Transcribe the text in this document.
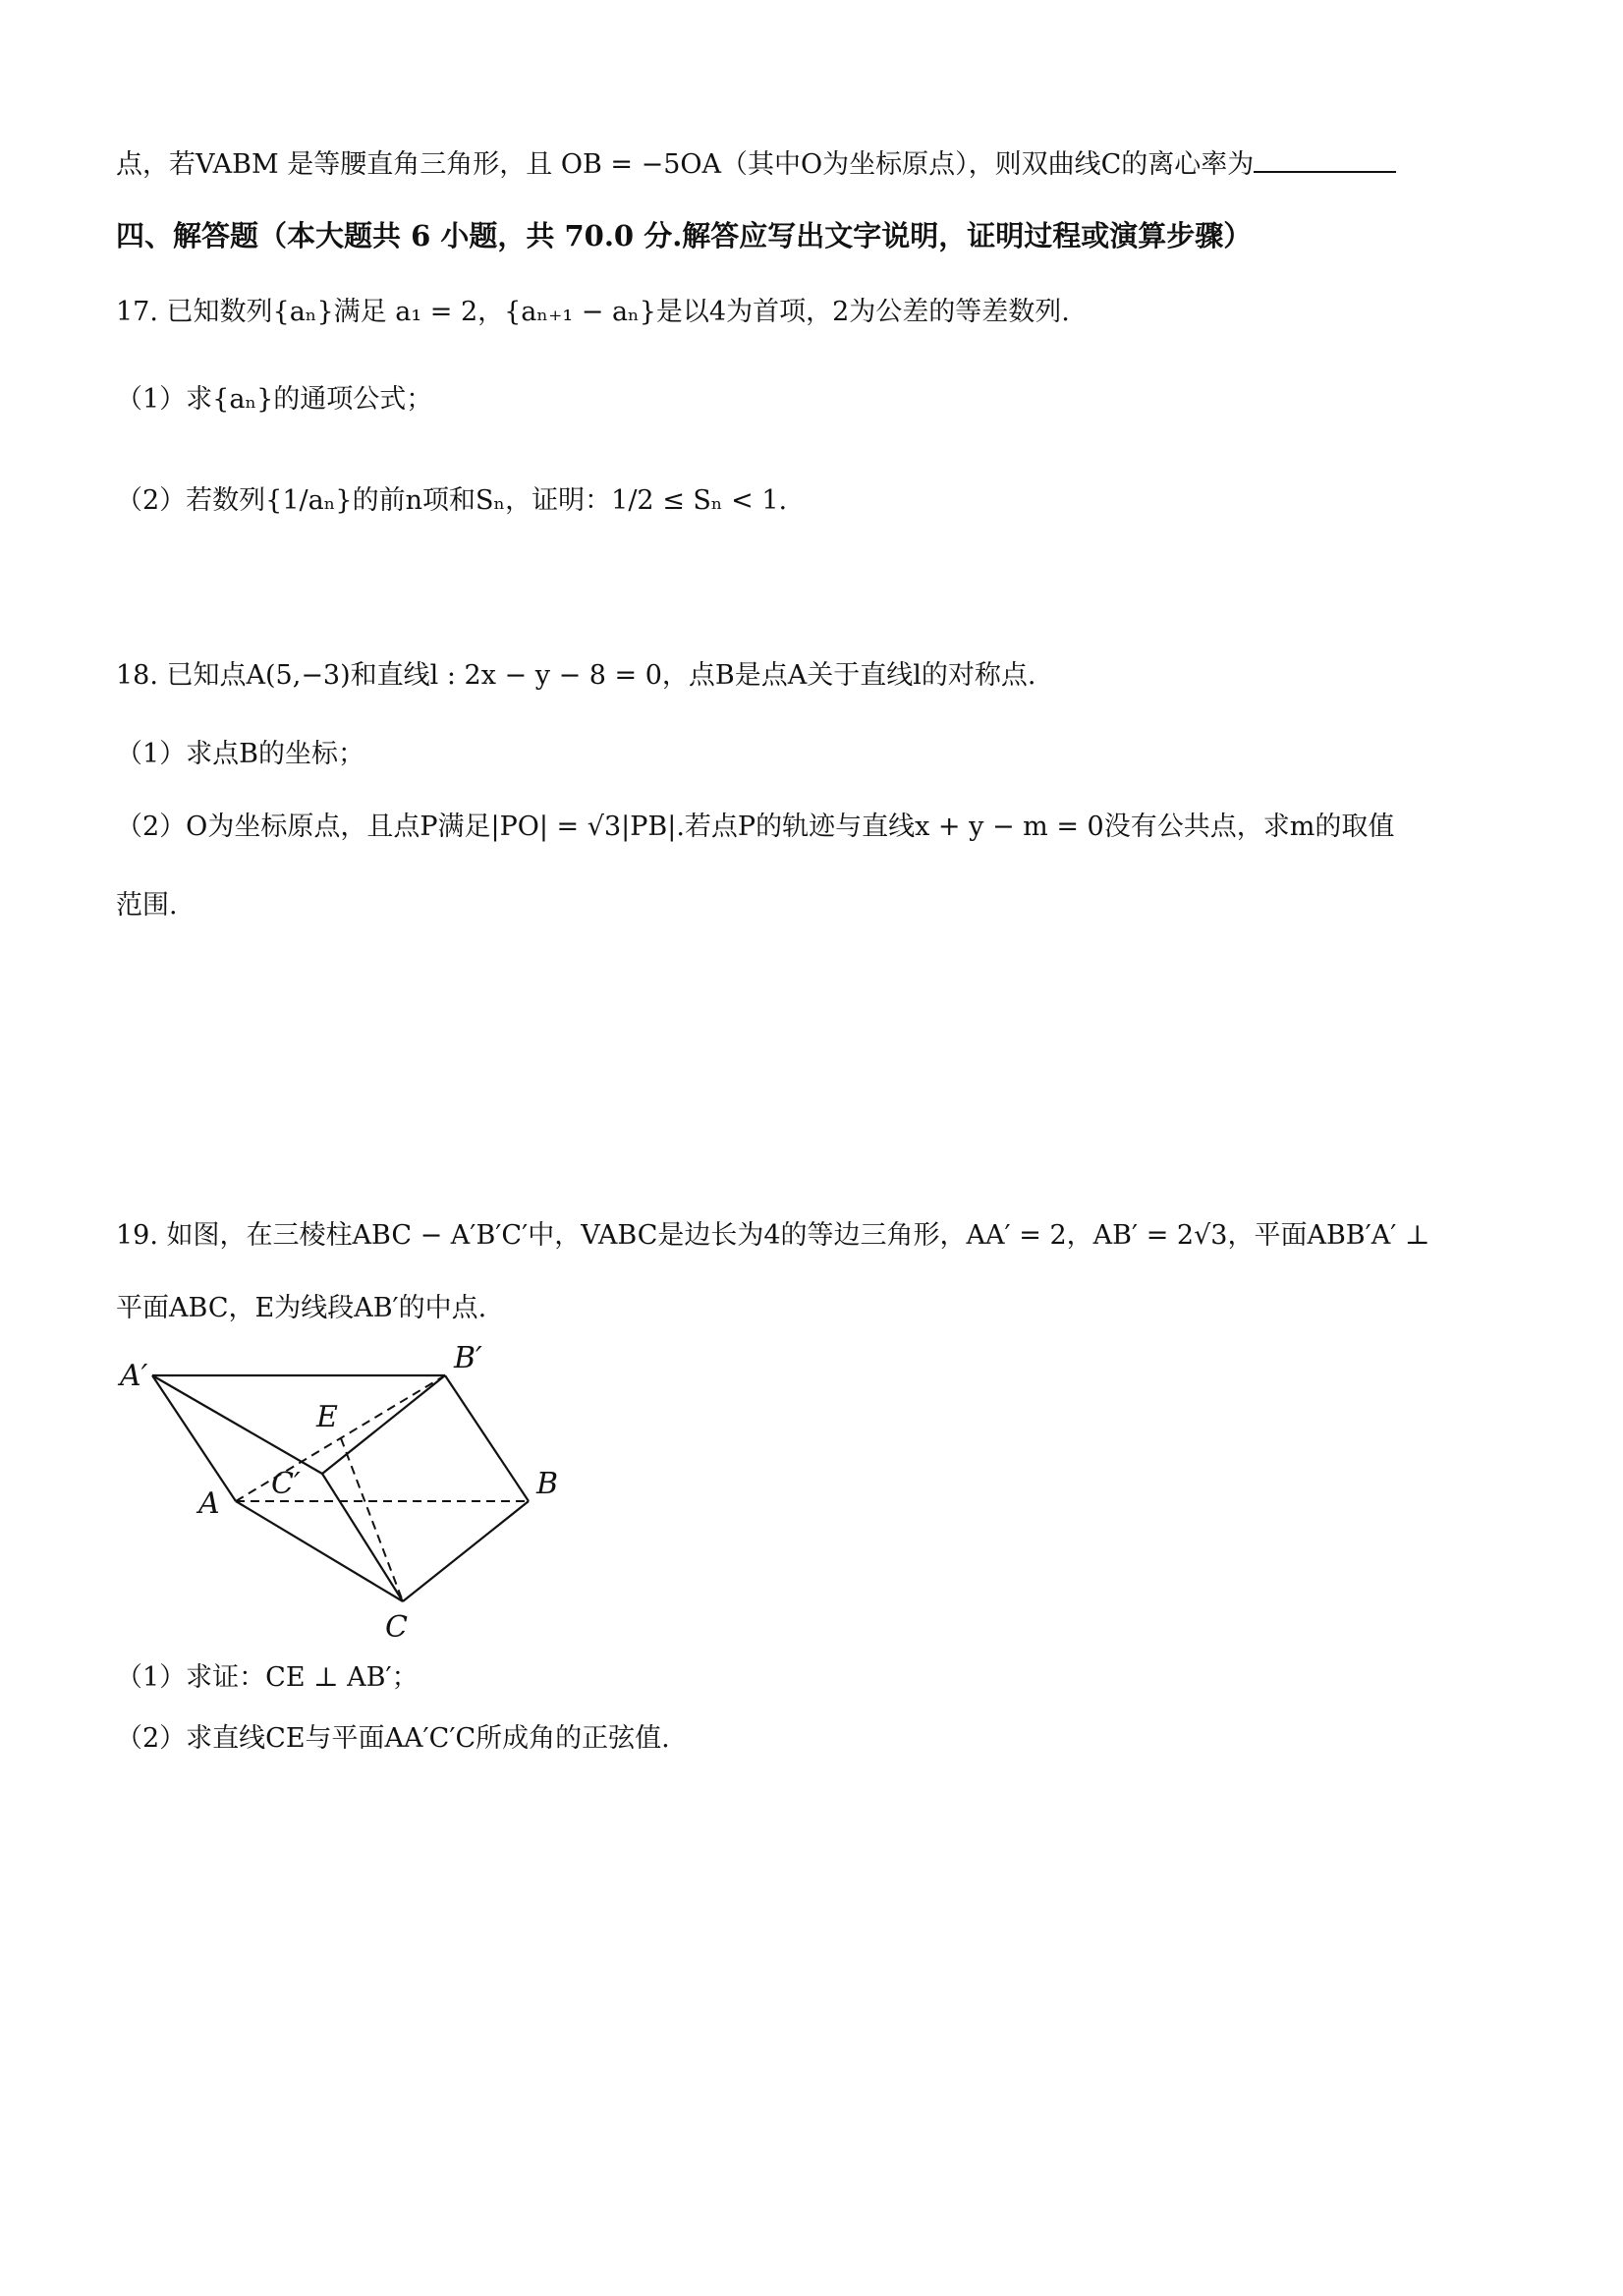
点，若VABM 是等腰直角三角形，且 OB = −5OA（其中O为坐标原点），则双曲线C的离心率为
四、解答题（本大题共 6 小题，共 70.0 分.解答应写出文字说明，证明过程或演算步骤）
17. 已知数列{aₙ}满足 a₁ = 2，{aₙ₊₁ − aₙ}是以4为首项，2为公差的等差数列.
（1）求{aₙ}的通项公式；
（2）若数列{1/aₙ}的前n项和Sₙ，证明：1/2 ≤ Sₙ < 1.
18. 已知点A(5,−3)和直线l : 2x − y − 8 = 0，点B是点A关于直线l的对称点.
（1）求点B的坐标；
（2）O为坐标原点，且点P满足|PO| = √3|PB|.若点P的轨迹与直线x + y − m = 0没有公共点，求m的取值
范围.
19. 如图，在三棱柱ABC − A′B′C′中，VABC是边长为4的等边三角形，AA′ = 2，AB′ = 2√3，平面ABB′A′ ⊥
平面ABC，E为线段AB′的中点.
A′
B′
E
C′
A
B
C
（1）求证：CE ⊥ AB′；
（2）求直线CE与平面AA′C′C所成角的正弦值.
